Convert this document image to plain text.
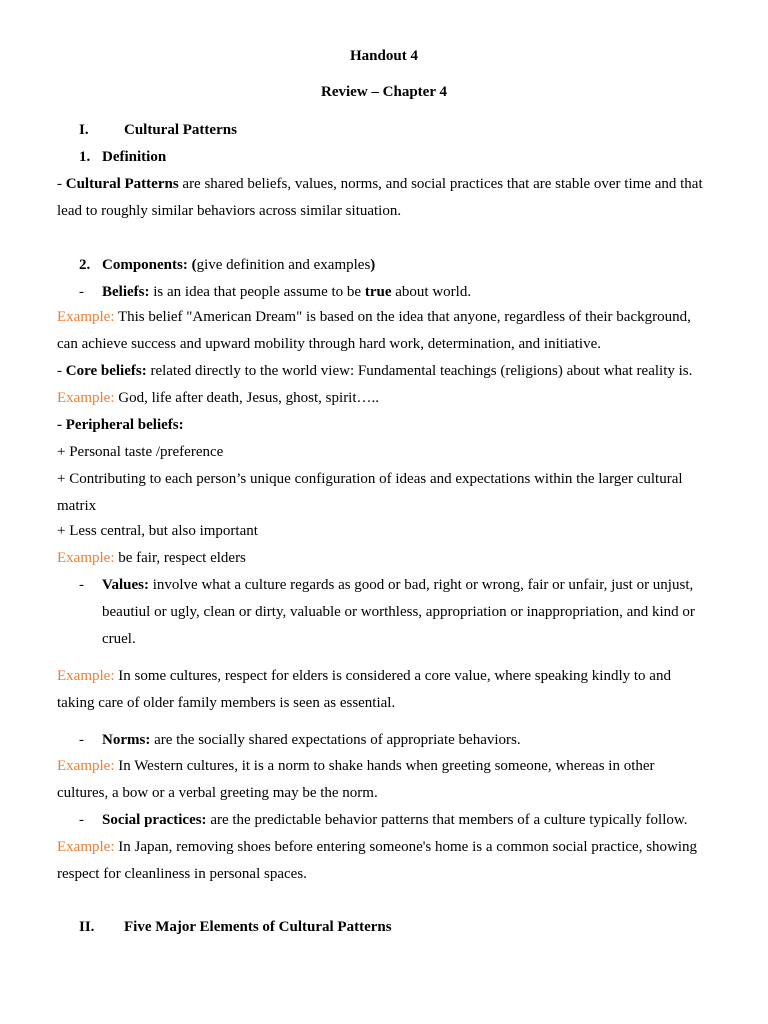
Handout 4
Review – Chapter 4
I. Cultural Patterns
1. Definition
- Cultural Patterns are shared beliefs, values, norms, and social practices that are stable over time and that
lead to roughly similar behaviors across similar situation.
2. Components: (give definition and examples)
- Beliefs: is an idea that people assume to be true about world.
Example: This belief "American Dream" is based on the idea that anyone, regardless of their background,
can achieve success and upward mobility through hard work, determination, and initiative.
- Core beliefs: related directly to the world view: Fundamental teachings (religions) about what reality is.
Example: God, life after death, Jesus, ghost, spirit…..
- Peripheral beliefs:
+ Personal taste /preference
+ Contributing to each person’s unique configuration of ideas and expectations within the larger cultural
matrix
+ Less central, but also important
Example: be fair, respect elders
- Values: involve what a culture regards as good or bad, right or wrong, fair or unfair, just or unjust,
beautiul or ugly, clean or dirty, valuable or worthless, appropriation or inappropriation, and kind or
cruel.
Example: In some cultures, respect for elders is considered a core value, where speaking kindly to and
taking care of older family members is seen as essential.
- Norms: are the socially shared expectations of appropriate behaviors.
Example: In Western cultures, it is a norm to shake hands when greeting someone, whereas in other
cultures, a bow or a verbal greeting may be the norm.
- Social practices: are the predictable behavior patterns that members of a culture typically follow.
Example: In Japan, removing shoes before entering someone's home is a common social practice, showing
respect for cleanliness in personal spaces.
II. Five Major Elements of Cultural Patterns
